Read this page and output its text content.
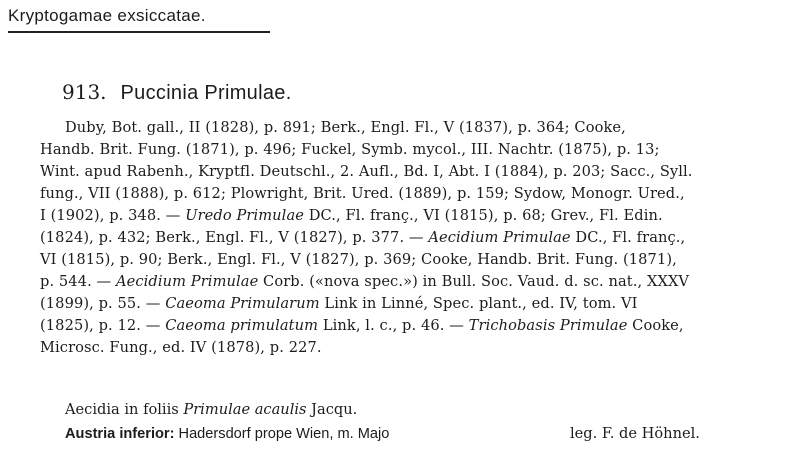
Kryptogamae exsiccatae.
913. Puccinia Primulae.
Duby, Bot. gall., II (1828), p. 891; Berk., Engl. Fl., V (1837), p. 364; Cooke,
Handb. Brit. Fung. (1871), p. 496; Fuckel, Symb. mycol., III. Nachtr. (1875), p. 13;
Wint. apud Rabenh., Kryptfl. Deutschl., 2. Aufl., Bd. I, Abt. I (1884), p. 203; Sacc., Syll.
fung., VII (1888), p. 612; Plowright, Brit. Ured. (1889), p. 159; Sydow, Monogr. Ured.,
I (1902), p. 348. — Uredo Primulae DC., Fl. franç., VI (1815), p. 68; Grev., Fl. Edin.
(1824), p. 432; Berk., Engl. Fl., V (1827), p. 377. — Aecidium Primulae DC., Fl. franç.,
VI (1815), p. 90; Berk., Engl. Fl., V (1827), p. 369; Cooke, Handb. Brit. Fung. (1871),
p. 544. — Aecidium Primulae Corb. («nova spec.») in Bull. Soc. Vaud. d. sc. nat., XXXV
(1899), p. 55. — Caeoma Primularum Link in Linné, Spec. plant., ed. IV, tom. VI
(1825), p. 12. — Caeoma primulatum Link, l. c., p. 46. — Trichobasis Primulae Cooke,
Microsc. Fung., ed. IV (1878), p. 227.
Aecidia in foliis Primulae acaulis Jacqu.
Austria inferior: Hadersdorf prope Wien, m. Majo	leg. F. de Höhnel.
